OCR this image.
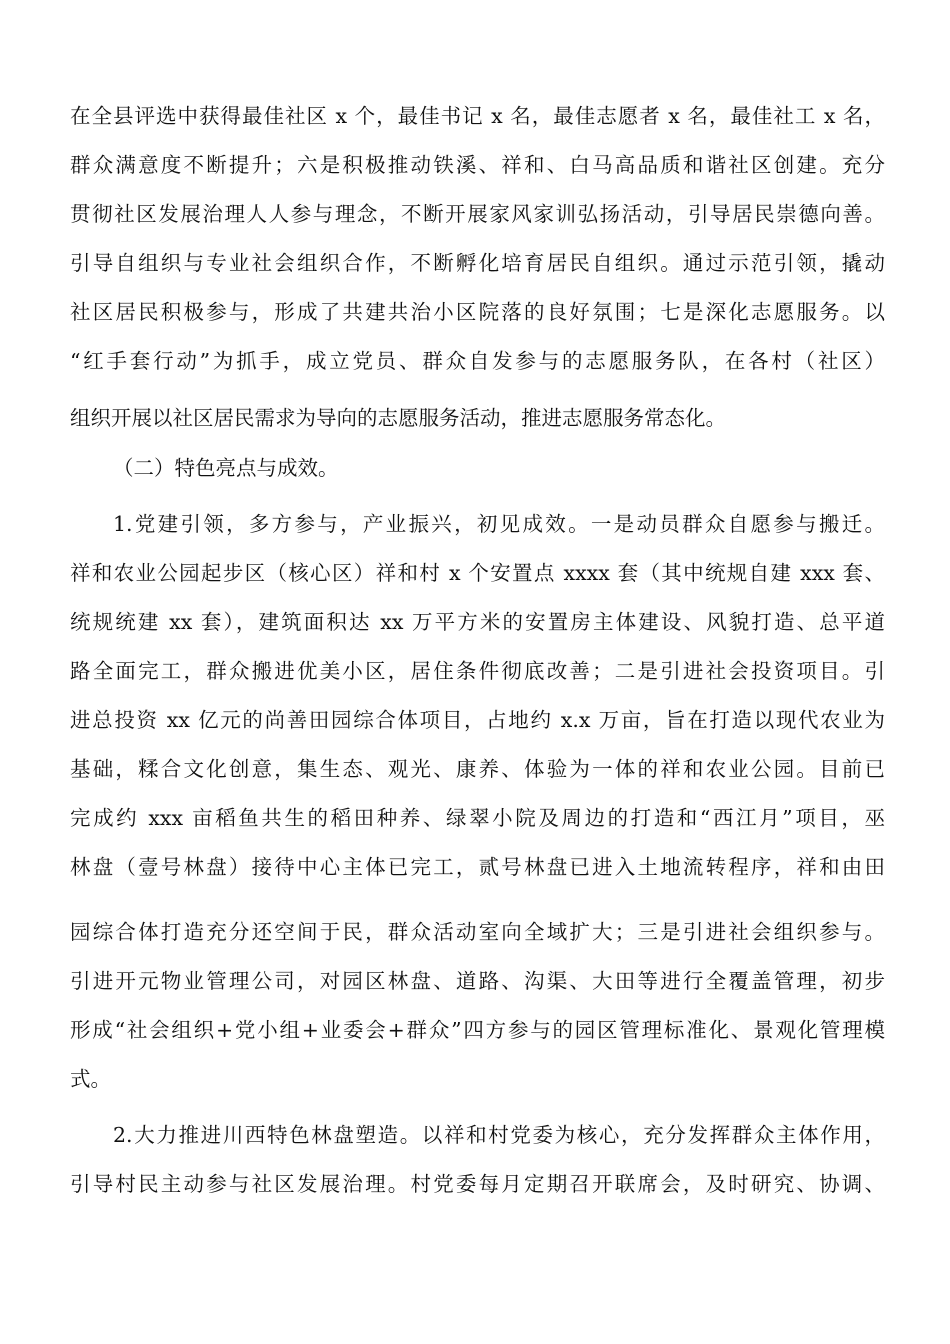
在全县评选中获得最佳社区 x 个，最佳书记 x 名，最佳志愿者 x 名，最佳社工 x 名，
群众满意度不断提升；六是积极推动铁溪、祥和、白马高品质和谐社区创建。充分
贯彻社区发展治理人人参与理念，不断开展家风家训弘扬活动，引导居民崇德向善。
引导自组织与专业社会组织合作，不断孵化培育居民自组织。通过示范引领，撬动
社区居民积极参与，形成了共建共治小区院落的良好氛围；七是深化志愿服务。以
“红手套行动”为抓手，成立党员、群众自发参与的志愿服务队，在各村（社区）
组织开展以社区居民需求为导向的志愿服务活动，推进志愿服务常态化。
（二）特色亮点与成效。
1.党建引领，多方参与，产业振兴，初见成效。一是动员群众自愿参与搬迁。
祥和农业公园起步区（核心区）祥和村 x 个安置点 xxxx 套（其中统规自建 xxx 套、
统规统建 xx 套），建筑面积达 xx 万平方米的安置房主体建设、风貌打造、总平道
路全面完工，群众搬进优美小区，居住条件彻底改善；二是引进社会投资项目。引
进总投资 xx 亿元的尚善田园综合体项目，占地约 x.x 万亩，旨在打造以现代农业为
基础，糅合文化创意，集生态、观光、康养、体验为一体的祥和农业公园。目前已
完成约 xxx 亩稻鱼共生的稻田种养、绿翠小院及周边的打造和“西江月”项目，巫
林盘（壹号林盘）接待中心主体已完工，贰号林盘已进入土地流转程序，祥和由田
园综合体打造充分还空间于民，群众活动室向全域扩大；三是引进社会组织参与。
引进开元物业管理公司，对园区林盘、道路、沟渠、大田等进行全覆盖管理，初步
形成“社会组织+党小组+业委会+群众”四方参与的园区管理标准化、景观化管理模
式。
2.大力推进川西特色林盘塑造。以祥和村党委为核心，充分发挥群众主体作用，
引导村民主动参与社区发展治理。村党委每月定期召开联席会，及时研究、协调、
